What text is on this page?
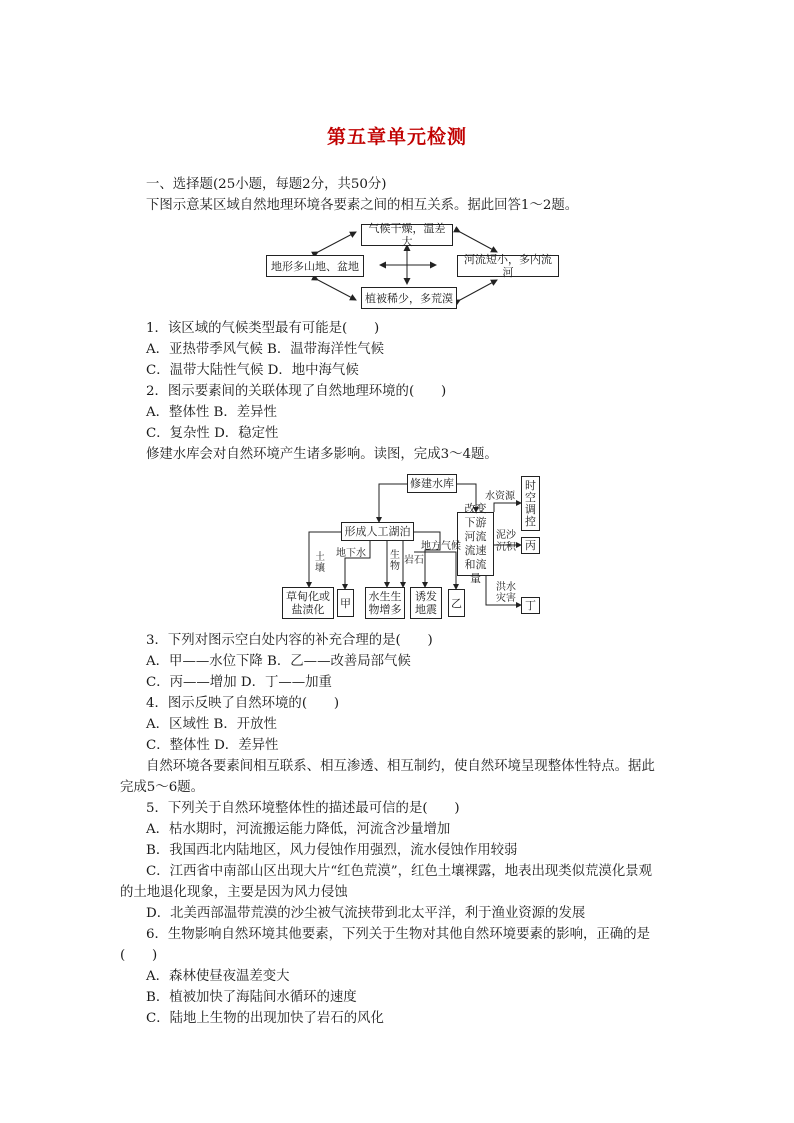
第五章单元检测
一、选择题(25小题，每题2分，共50分)
下图示意某区域自然地理环境各要素之间的相互关系。据此回答1～2题。
气候干燥，温差大
地形多山地、盆地	河流短小，多内流河
植被稀少，多荒漠
1．该区域的气候类型最有可能是(　　)
A．亚热带季风气候 B．温带海洋性气候
C．温带大陆性气候 D．地中海气候
2．图示要素间的关联体现了自然地理环境的(　　)
A．整体性 B．差异性
C．复杂性 D．稳定性
修建水库会对自然环境产生诸多影响。读图，完成3～4题。
修建水库
形成人工湖泊
改变下游河流流速和流量
时空调控
丙
丁
草甸化或盐渍化	甲	水生生物增多
诱发地震	乙
水资源
泥沙沉积
洪水灾害
土壤
地下水 生物
地方气候
岩石
3．下列对图示空白处内容的补充合理的是(　　)
A．甲——水位下降 B．乙——改善局部气候
C．丙——增加 D．丁——加重
4．图示反映了自然环境的(　　)
A．区域性 B．开放性
C．整体性 D．差异性
自然环境各要素间相互联系、相互渗透、相互制约，使自然环境呈现整体性特点。据此
完成5～6题。
5．下列关于自然环境整体性的描述最可信的是(　　)
A．枯水期时，河流搬运能力降低，河流含沙量增加
B．我国西北内陆地区，风力侵蚀作用强烈，流水侵蚀作用较弱
C．江西省中南部山区出现大片“红色荒漠”，红色土壤裸露，地表出现类似荒漠化景观
的土地退化现象，主要是因为风力侵蚀
D．北美西部温带荒漠的沙尘被气流挟带到北太平洋，利于渔业资源的发展
6．生物影响自然环境其他要素，下列关于生物对其他自然环境要素的影响，正确的是
(　　)
A．森林使昼夜温差变大
B．植被加快了海陆间水循环的速度
C．陆地上生物的出现加快了岩石的风化
